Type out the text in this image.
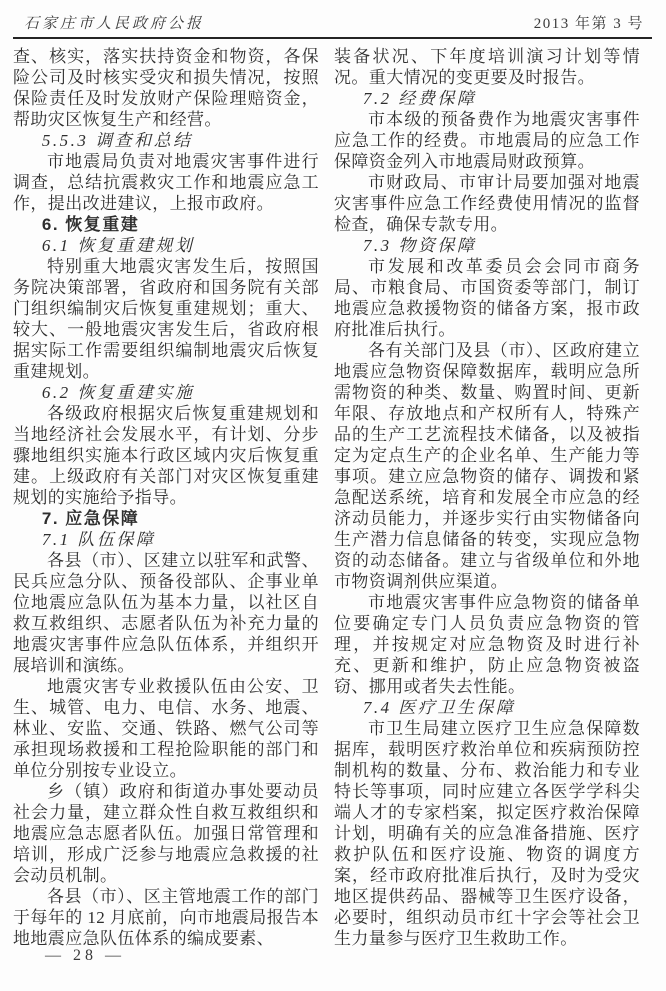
石家庄市人民政府公报	2013 年第 3 号

查、核实，落实扶持资金和物资，各保险公司及时核实受灾和损失情况，按照保险责任及时发放财产保险理赔资金，帮助灾区恢复生产和经营。

5.5.3 调查和总结

市地震局负责对地震灾害事件进行调查，总结抗震救灾工作和地震应急工作，提出改进建议，上报市政府。

6. 恢复重建

6.1 恢复重建规划

特别重大地震灾害发生后，按照国务院决策部署，省政府和国务院有关部门组织编制灾后恢复重建规划；重大、较大、一般地震灾害发生后，省政府根据实际工作需要组织编制地震灾后恢复重建规划。

6.2 恢复重建实施

各级政府根据灾后恢复重建规划和当地经济社会发展水平，有计划、分步骤地组织实施本行政区域内灾后恢复重建。上级政府有关部门对灾区恢复重建规划的实施给予指导。

7. 应急保障

7.1 队伍保障

各县（市）、区建立以驻军和武警、民兵应急分队、预备役部队、企事业单位地震应急队伍为基本力量，以社区自救互救组织、志愿者队伍为补充力量的地震灾害事件应急队伍体系，并组织开展培训和演练。

地震灾害专业救援队伍由公安、卫生、城管、电力、电信、水务、地震、林业、安监、交通、铁路、燃气公司等承担现场救援和工程抢险职能的部门和单位分别按专业设立。

乡（镇）政府和街道办事处要动员社会力量，建立群众性自救互救组织和地震应急志愿者队伍。加强日常管理和培训，形成广泛参与地震应急救援的社会动员机制。

各县（市）、区主管地震工作的部门于每年的 12 月底前，向市地震局报告本地地震应急队伍体系的编成要素、

装备状况、下年度培训演习计划等情况。重大情况的变更要及时报告。

7.2 经费保障

市本级的预备费作为地震灾害事件应急工作的经费。市地震局的应急工作保障资金列入市地震局财政预算。

市财政局、市审计局要加强对地震灾害事件应急工作经费使用情况的监督检查，确保专款专用。

7.3 物资保障

市发展和改革委员会会同市商务局、市粮食局、市国资委等部门，制订地震应急救援物资的储备方案，报市政府批准后执行。

各有关部门及县（市）、区政府建立地震应急物资保障数据库，载明应急所需物资的种类、数量、购置时间、更新年限、存放地点和产权所有人，特殊产品的生产工艺流程技术储备，以及被指定为定点生产的企业名单、生产能力等事项。建立应急物资的储存、调拨和紧急配送系统，培育和发展全市应急的经济动员能力，并逐步实行由实物储备向生产潜力信息储备的转变，实现应急物资的动态储备。建立与省级单位和外地市物资调剂供应渠道。

市地震灾害事件应急物资的储备单位要确定专门人员负责应急物资的管理，并按规定对应急物资及时进行补充、更新和维护，防止应急物资被盗窃、挪用或者失去性能。

7.4 医疗卫生保障

市卫生局建立医疗卫生应急保障数据库，载明医疗救治单位和疾病预防控制机构的数量、分布、救治能力和专业特长等事项，同时应建立各医学学科尖端人才的专家档案，拟定医疗救治保障计划，明确有关的应急准备措施、医疗救护队伍和医疗设施、物资的调度方案，经市政府批准后执行，及时为受灾地区提供药品、器械等卫生医疗设备，必要时，组织动员市红十字会等社会卫生力量参与医疗卫生救助工作。

— 28 —
